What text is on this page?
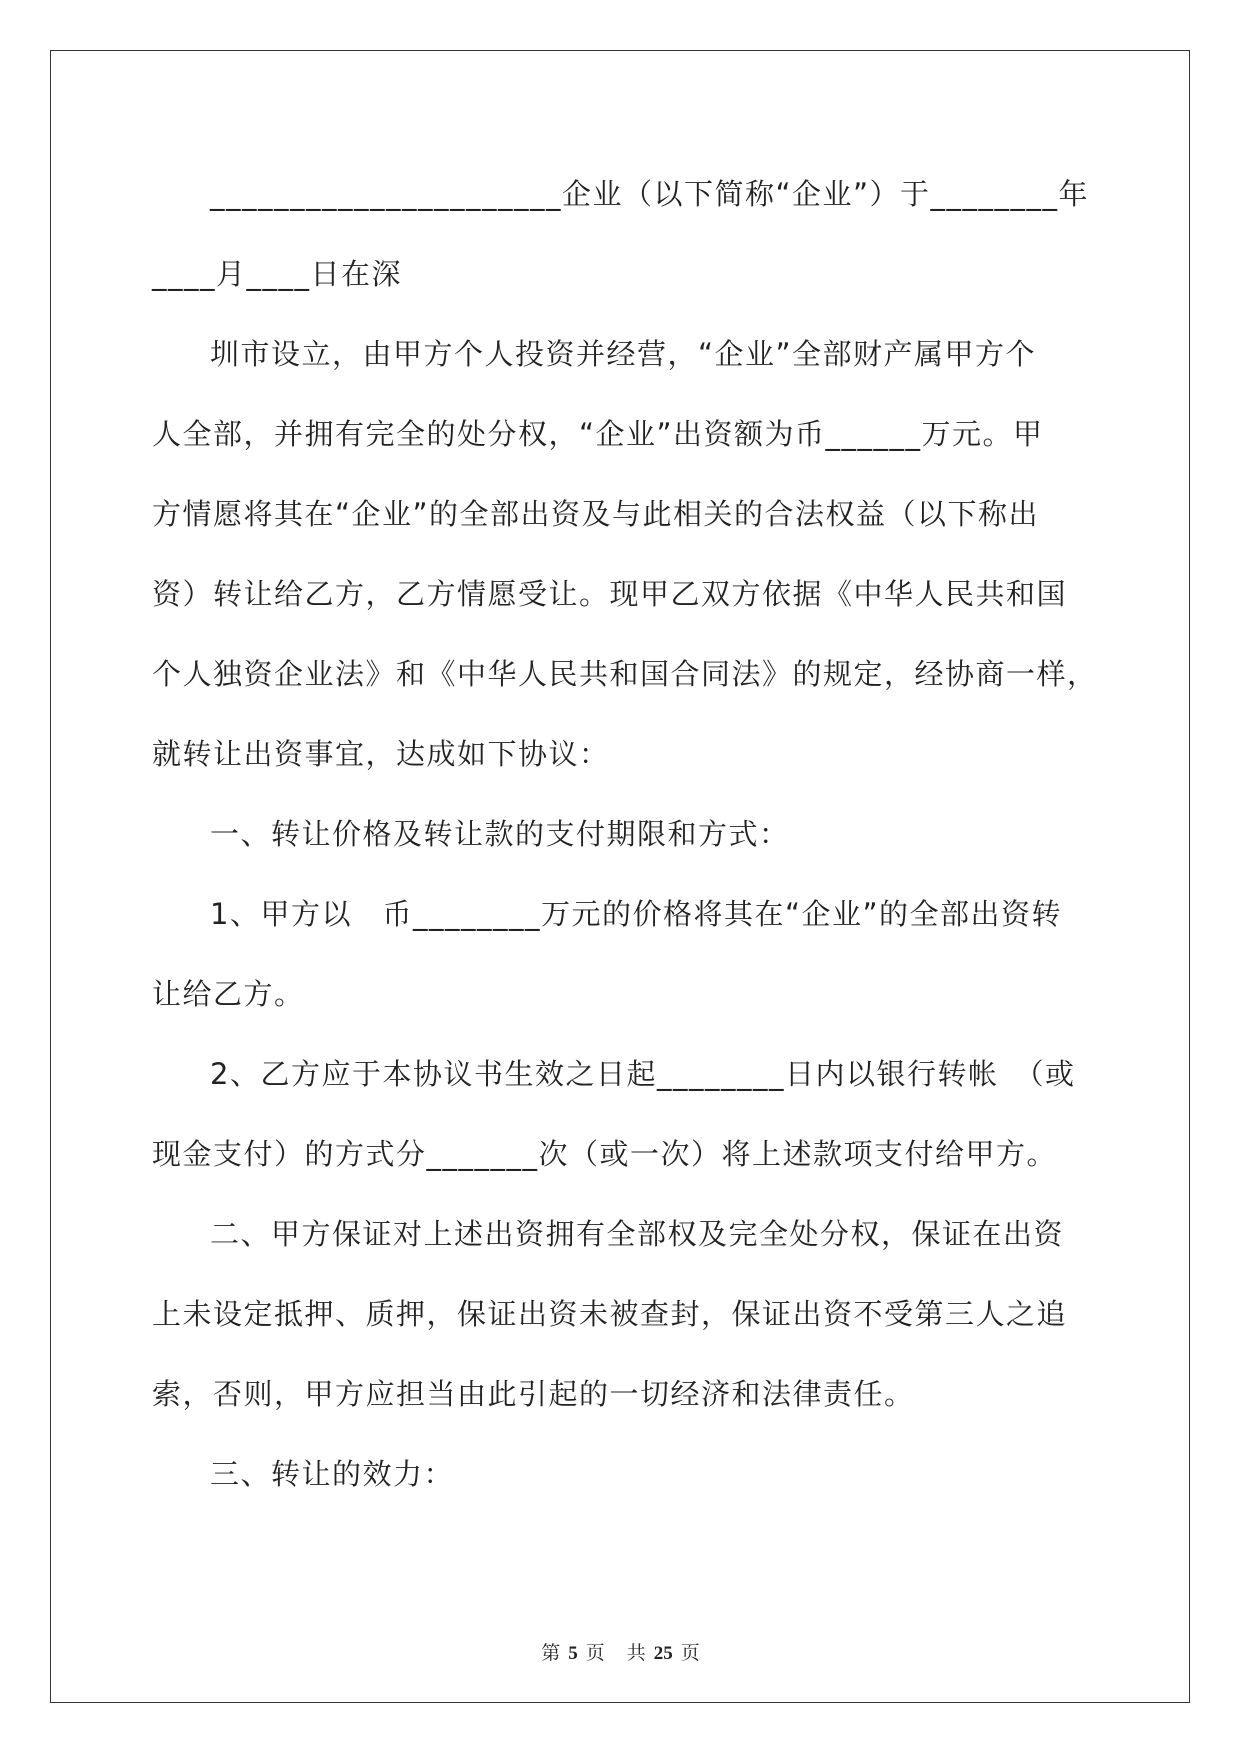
______________________企业（以下简称“企业”）于________年
____月____日在深
圳市设立，由甲方个人投资并经营，“企业”全部财产属甲方个
人全部，并拥有完全的处分权，“企业”出资额为币______万元。甲
方情愿将其在“企业”的全部出资及与此相关的合法权益（以下称出
资）转让给乙方，乙方情愿受让。现甲乙双方依据《中华人民共和国
个人独资企业法》和《中华人民共和国合同法》的规定，经协商一样，
就转让出资事宜，达成如下协议：
一、转让价格及转让款的支付期限和方式：
1、甲方以　币________万元的价格将其在“企业”的全部出资转
让给乙方。
2、乙方应于本协议书生效之日起________日内以银行转帐　（或
现金支付）的方式分_______次（或一次）将上述款项支付给甲方。
二、甲方保证对上述出资拥有全部权及完全处分权，保证在出资
上未设定抵押、质押，保证出资未被查封，保证出资不受第三人之追
索，否则，甲方应担当由此引起的一切经济和法律责任。
三、转让的效力：
第 5 页 共 25 页
